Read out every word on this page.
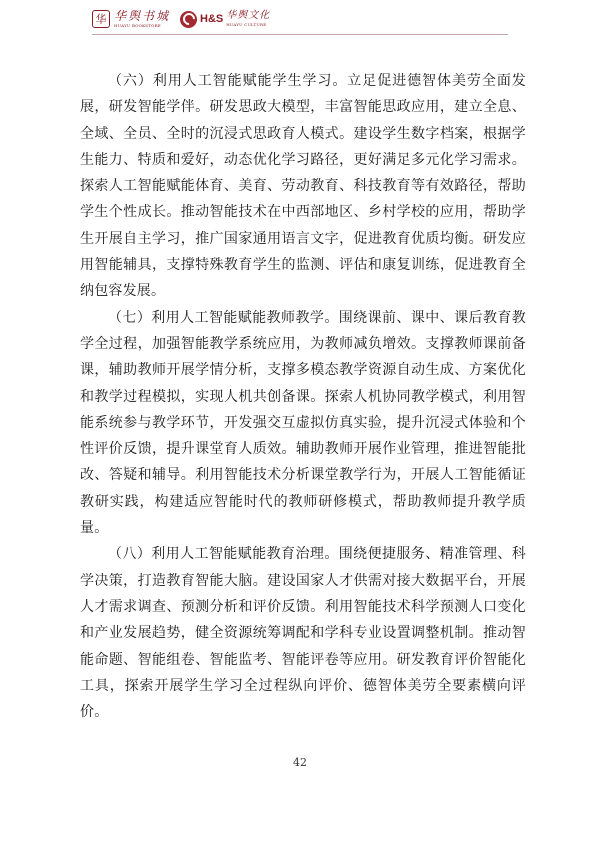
华 华舆书城
HUAYU BOOKSTORE
H&S 华舆文化
HUAYU CULTURE

（六）利用人工智能赋能学生学习。立足促进德智体美劳全面发展，研发智能学伴。研发思政大模型，丰富智能思政应用，建立全息、全域、全员、全时的沉浸式思政育人模式。建设学生数字档案，根据学生能力、特质和爱好，动态优化学习路径，更好满足多元化学习需求。探索人工智能赋能体育、美育、劳动教育、科技教育等有效路径，帮助学生个性成长。推动智能技术在中西部地区、乡村学校的应用，帮助学生开展自主学习，推广国家通用语言文字，促进教育优质均衡。研发应用智能辅具，支撑特殊教育学生的监测、评估和康复训练，促进教育全纳包容发展。

（七）利用人工智能赋能教师教学。围绕课前、课中、课后教育教学全过程，加强智能教学系统应用，为教师减负增效。支撑教师课前备课，辅助教师开展学情分析，支撑多模态教学资源自动生成、方案优化和教学过程模拟，实现人机共创备课。探索人机协同教学模式，利用智能系统参与教学环节，开发强交互虚拟仿真实验，提升沉浸式体验和个性评价反馈，提升课堂育人质效。辅助教师开展作业管理，推进智能批改、答疑和辅导。利用智能技术分析课堂教学行为，开展人工智能循证教研实践，构建适应智能时代的教师研修模式，帮助教师提升教学质量。

（八）利用人工智能赋能教育治理。围绕便捷服务、精准管理、科学决策，打造教育智能大脑。建设国家人才供需对接大数据平台，开展人才需求调查、预测分析和评价反馈。利用智能技术科学预测人口变化和产业发展趋势，健全资源统筹调配和学科专业设置调整机制。推动智能命题、智能组卷、智能监考、智能评卷等应用。研发教育评价智能化工具，探索开展学生学习全过程纵向评价、德智体美劳全要素横向评价。

42
